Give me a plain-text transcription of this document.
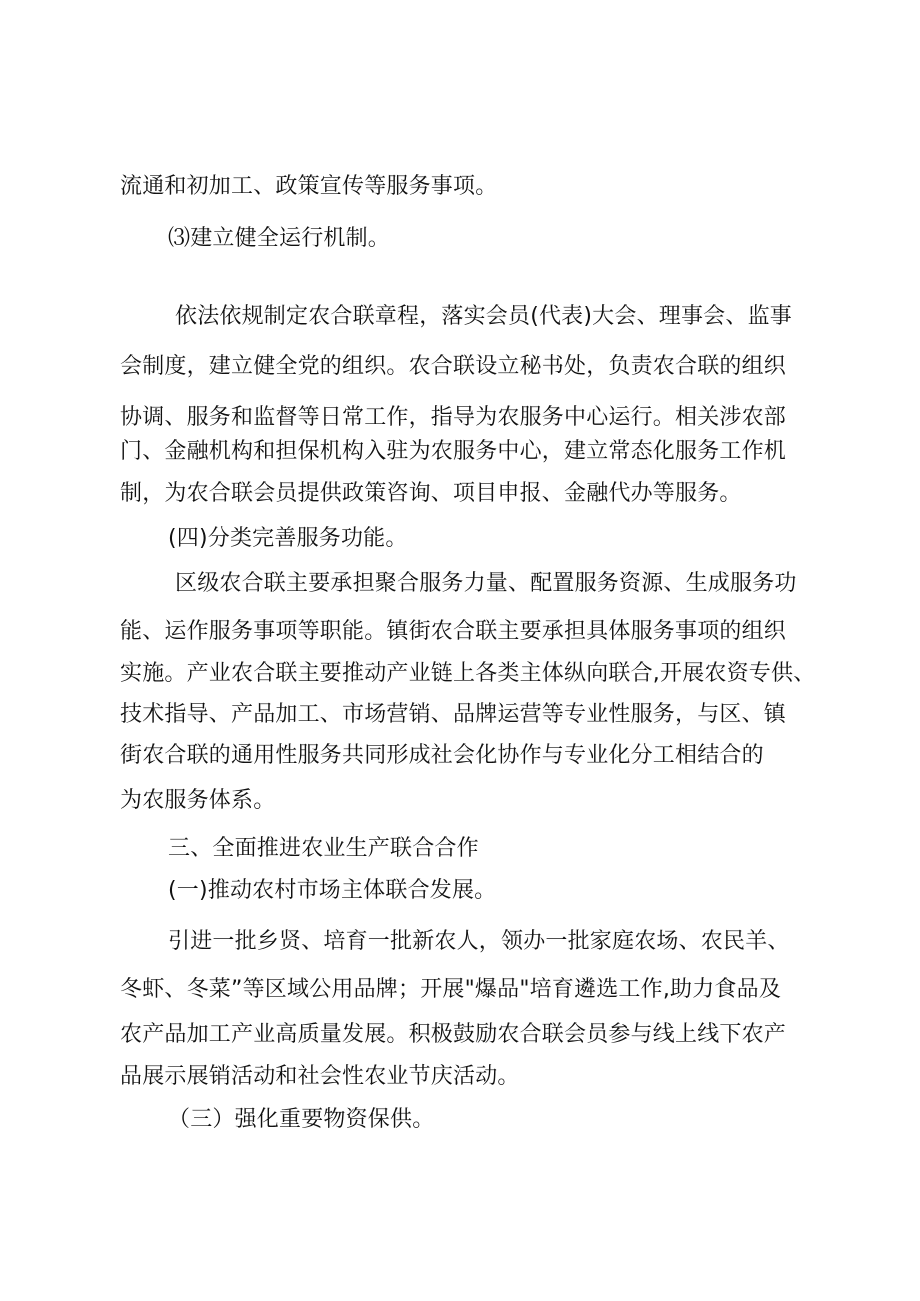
流通和初加工、政策宣传等服务事项。
⑶建立健全运行机制。
依法依规制定农合联章程，落实会员(代表)大会、理事会、监事
会制度，建立健全党的组织。农合联设立秘书处，负责农合联的组织
协调、服务和监督等日常工作，指导为农服务中心运行。相关涉农部
门、金融机构和担保机构入驻为农服务中心，建立常态化服务工作机
制，为农合联会员提供政策咨询、项目申报、金融代办等服务。
(四)分类完善服务功能。
区级农合联主要承担聚合服务力量、配置服务资源、生成服务功
能、运作服务事项等职能。镇街农合联主要承担具体服务事项的组织
实施。产业农合联主要推动产业链上各类主体纵向联合,开展农资专供、
技术指导、产品加工、市场营销、品牌运营等专业性服务，与区、镇
街农合联的通用性服务共同形成社会化协作与专业化分工相结合的
为农服务体系。
三、全面推进农业生产联合合作
(一)推动农村市场主体联合发展。
引进一批乡贤、培育一批新农人，领办一批家庭农场、农民羊、
冬虾、冬菜”等区域公用品牌；开展"爆品"培育遴选工作,助力食品及
农产品加工产业高质量发展。积极鼓励农合联会员参与线上线下农产
品展示展销活动和社会性农业节庆活动。
（三）强化重要物资保供。
